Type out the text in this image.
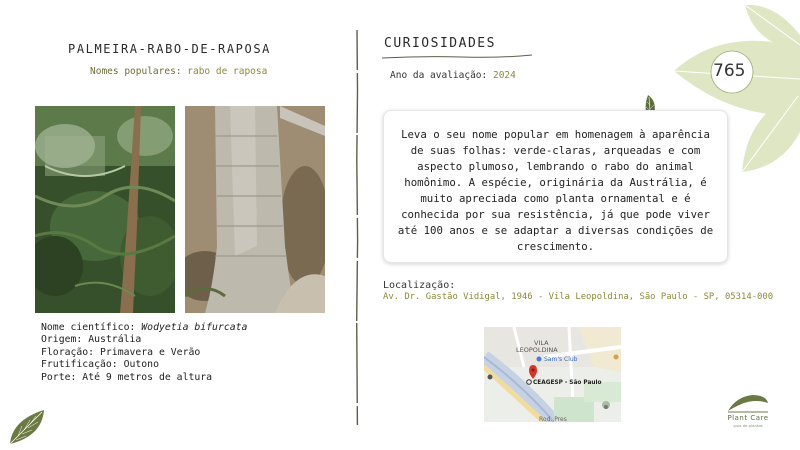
PALMEIRA-RABO-DE-RAPOSA
Nomes populares: rabo de raposa
Nome científico: Wodyetia bifurcata
Origem: Austrália
Floração: Primavera e Verão
Frutificação: Outono
Porte: Até 9 metros de altura
CURIOSIDADES
Ano da avaliação: 2024
Leva o seu nome popular em homenagem à aparência de suas folhas: verde-claras, arqueadas e com aspecto plumoso, lembrando o rabo do animal homônimo. A espécie, originária da Austrália, é muito apreciada como planta ornamental e é conhecida por sua resistência, já que pode viver até 100 anos e se adaptar a diversas condições de crescimento.
Localização:
Av. Dr. Gastão Vidigal, 1946 - Vila Leopoldina, São Paulo - SP, 05314-000
VILA
LEOPOLDINA
Sam's Club
CEAGESP - São Paulo
Rod. Pres
765
Plant Care
guia de plantas
